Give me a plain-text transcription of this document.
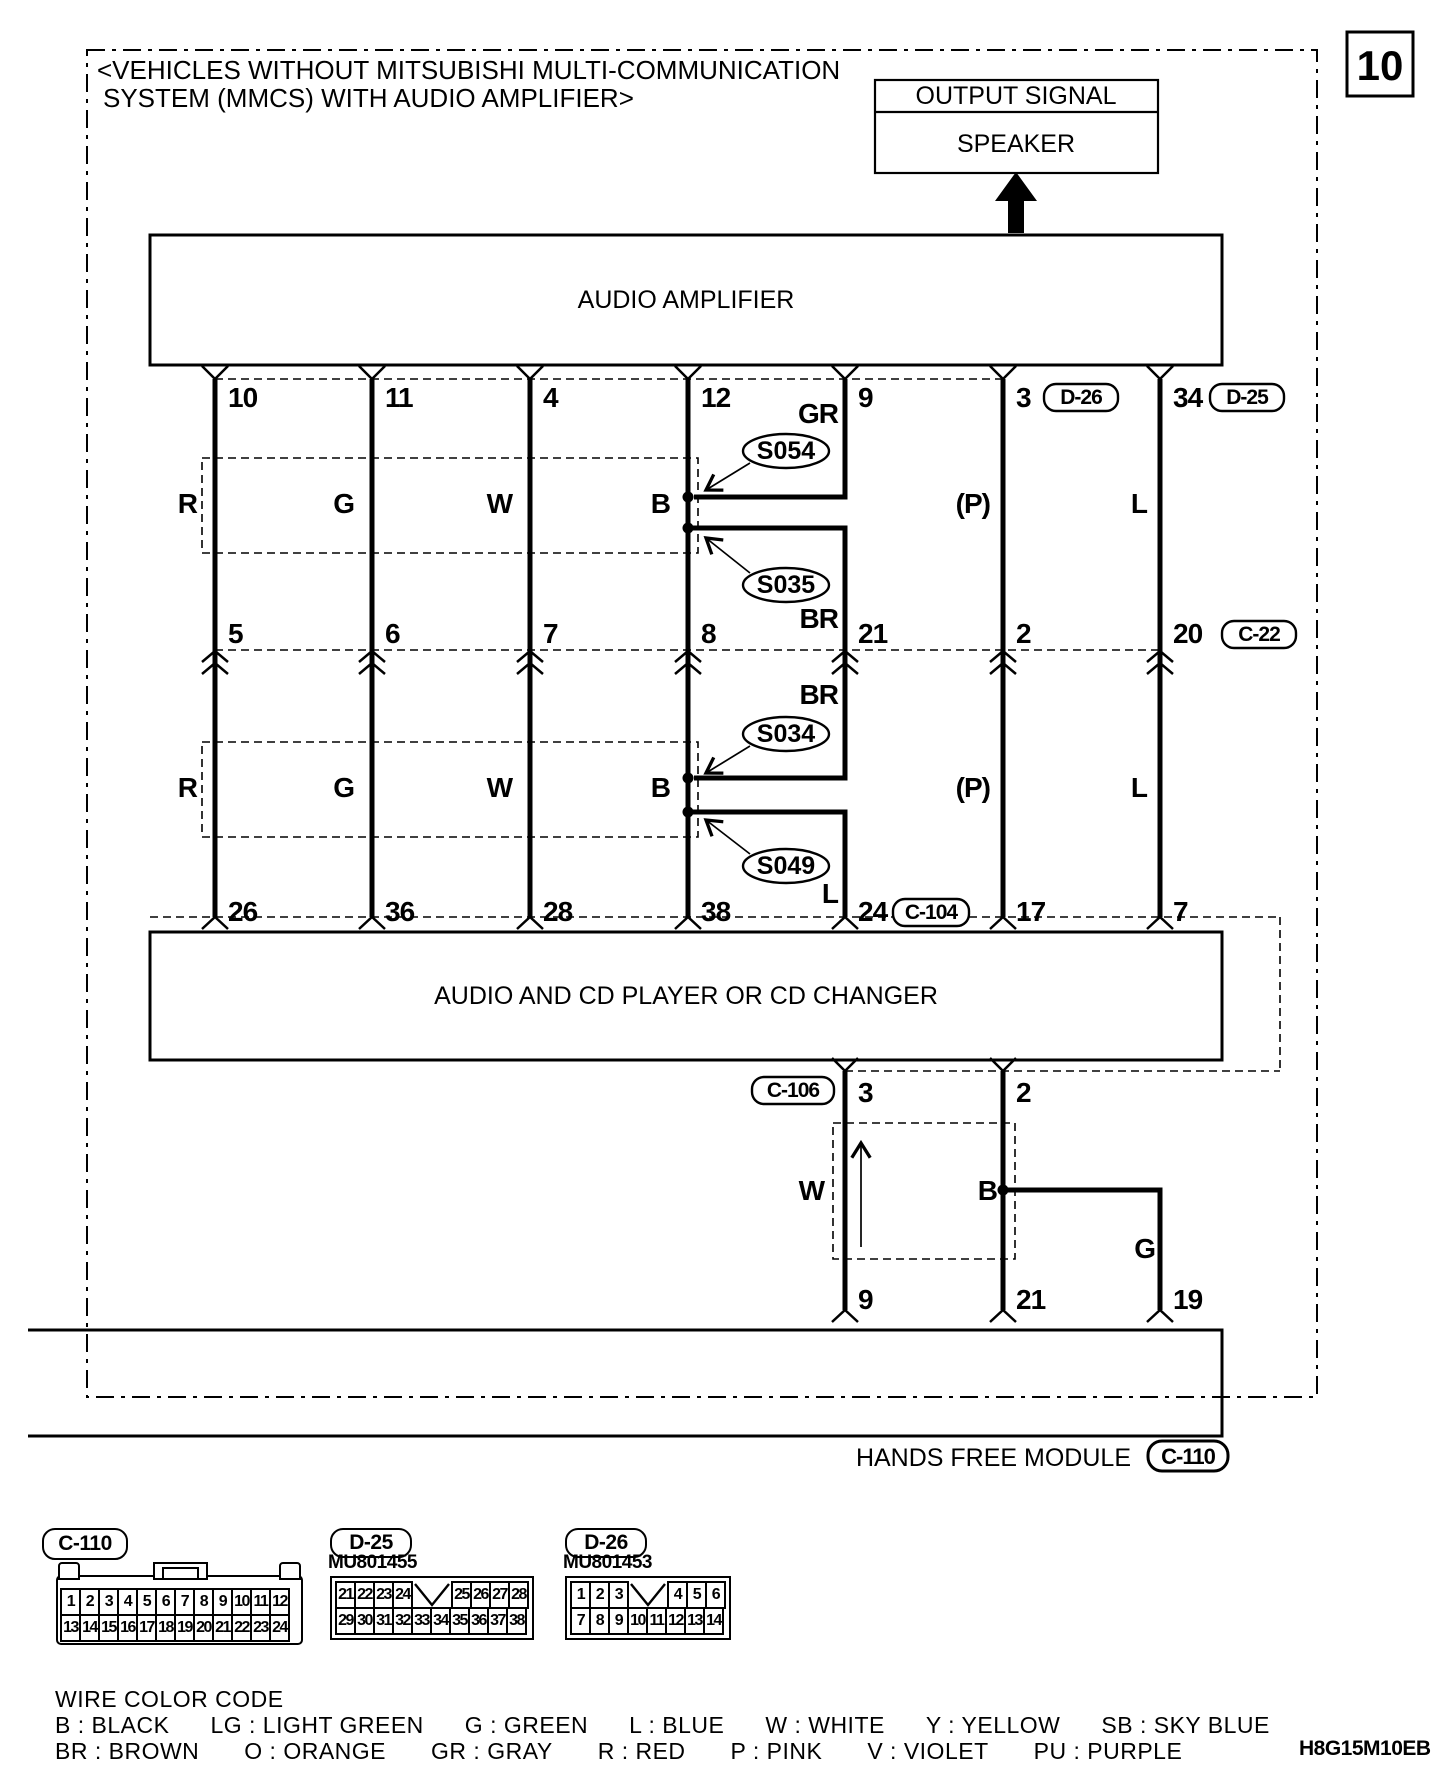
10
<VEHICLES WITHOUT MITSUBISHI MULTI-COMMUNICATION
SYSTEM (MMCS) WITH AUDIO AMPLIFIER>	OUTPUT SIGNAL
SPEAKER
AUDIO AMPLIFIER
10	11	4	12	9	3	34
D-26	D-25
5	6	7	8	21	2	20 C-22
26	36	28	38	24	17	7
C-104
R	G	W	B	(P)	L
GR
BR
R	G	W	B	(P)	L
BR
L
S054
S035
S034
S049
AUDIO AND CD PLAYER OR CD CHANGER
C-106 3	2
W	B
G
9	21	19
HANDS FREE MODULE C-110
C-110
1 2 3 4 5 6 7 8 9 10 11 12
13 14 15 16 17 18 19 20 21 22 23 24
D-25
MU801455
21 22 23 24	25 26 27 28
29 30 31 32 33 34 35 36 37 38
D-26
MU801453
1 2 3	4 5 6
7 8 9 10 11 12 13 14
WIRE COLOR CODE
B : BLACK LG : LIGHT GREEN G : GREEN L : BLUE W : WHITE Y : YELLOW SB : SKY BLUE
BR : BROWN O : ORANGE GR : GRAY R : RED P : PINK V : VIOLET PU : PURPLE	H8G15M10EB
